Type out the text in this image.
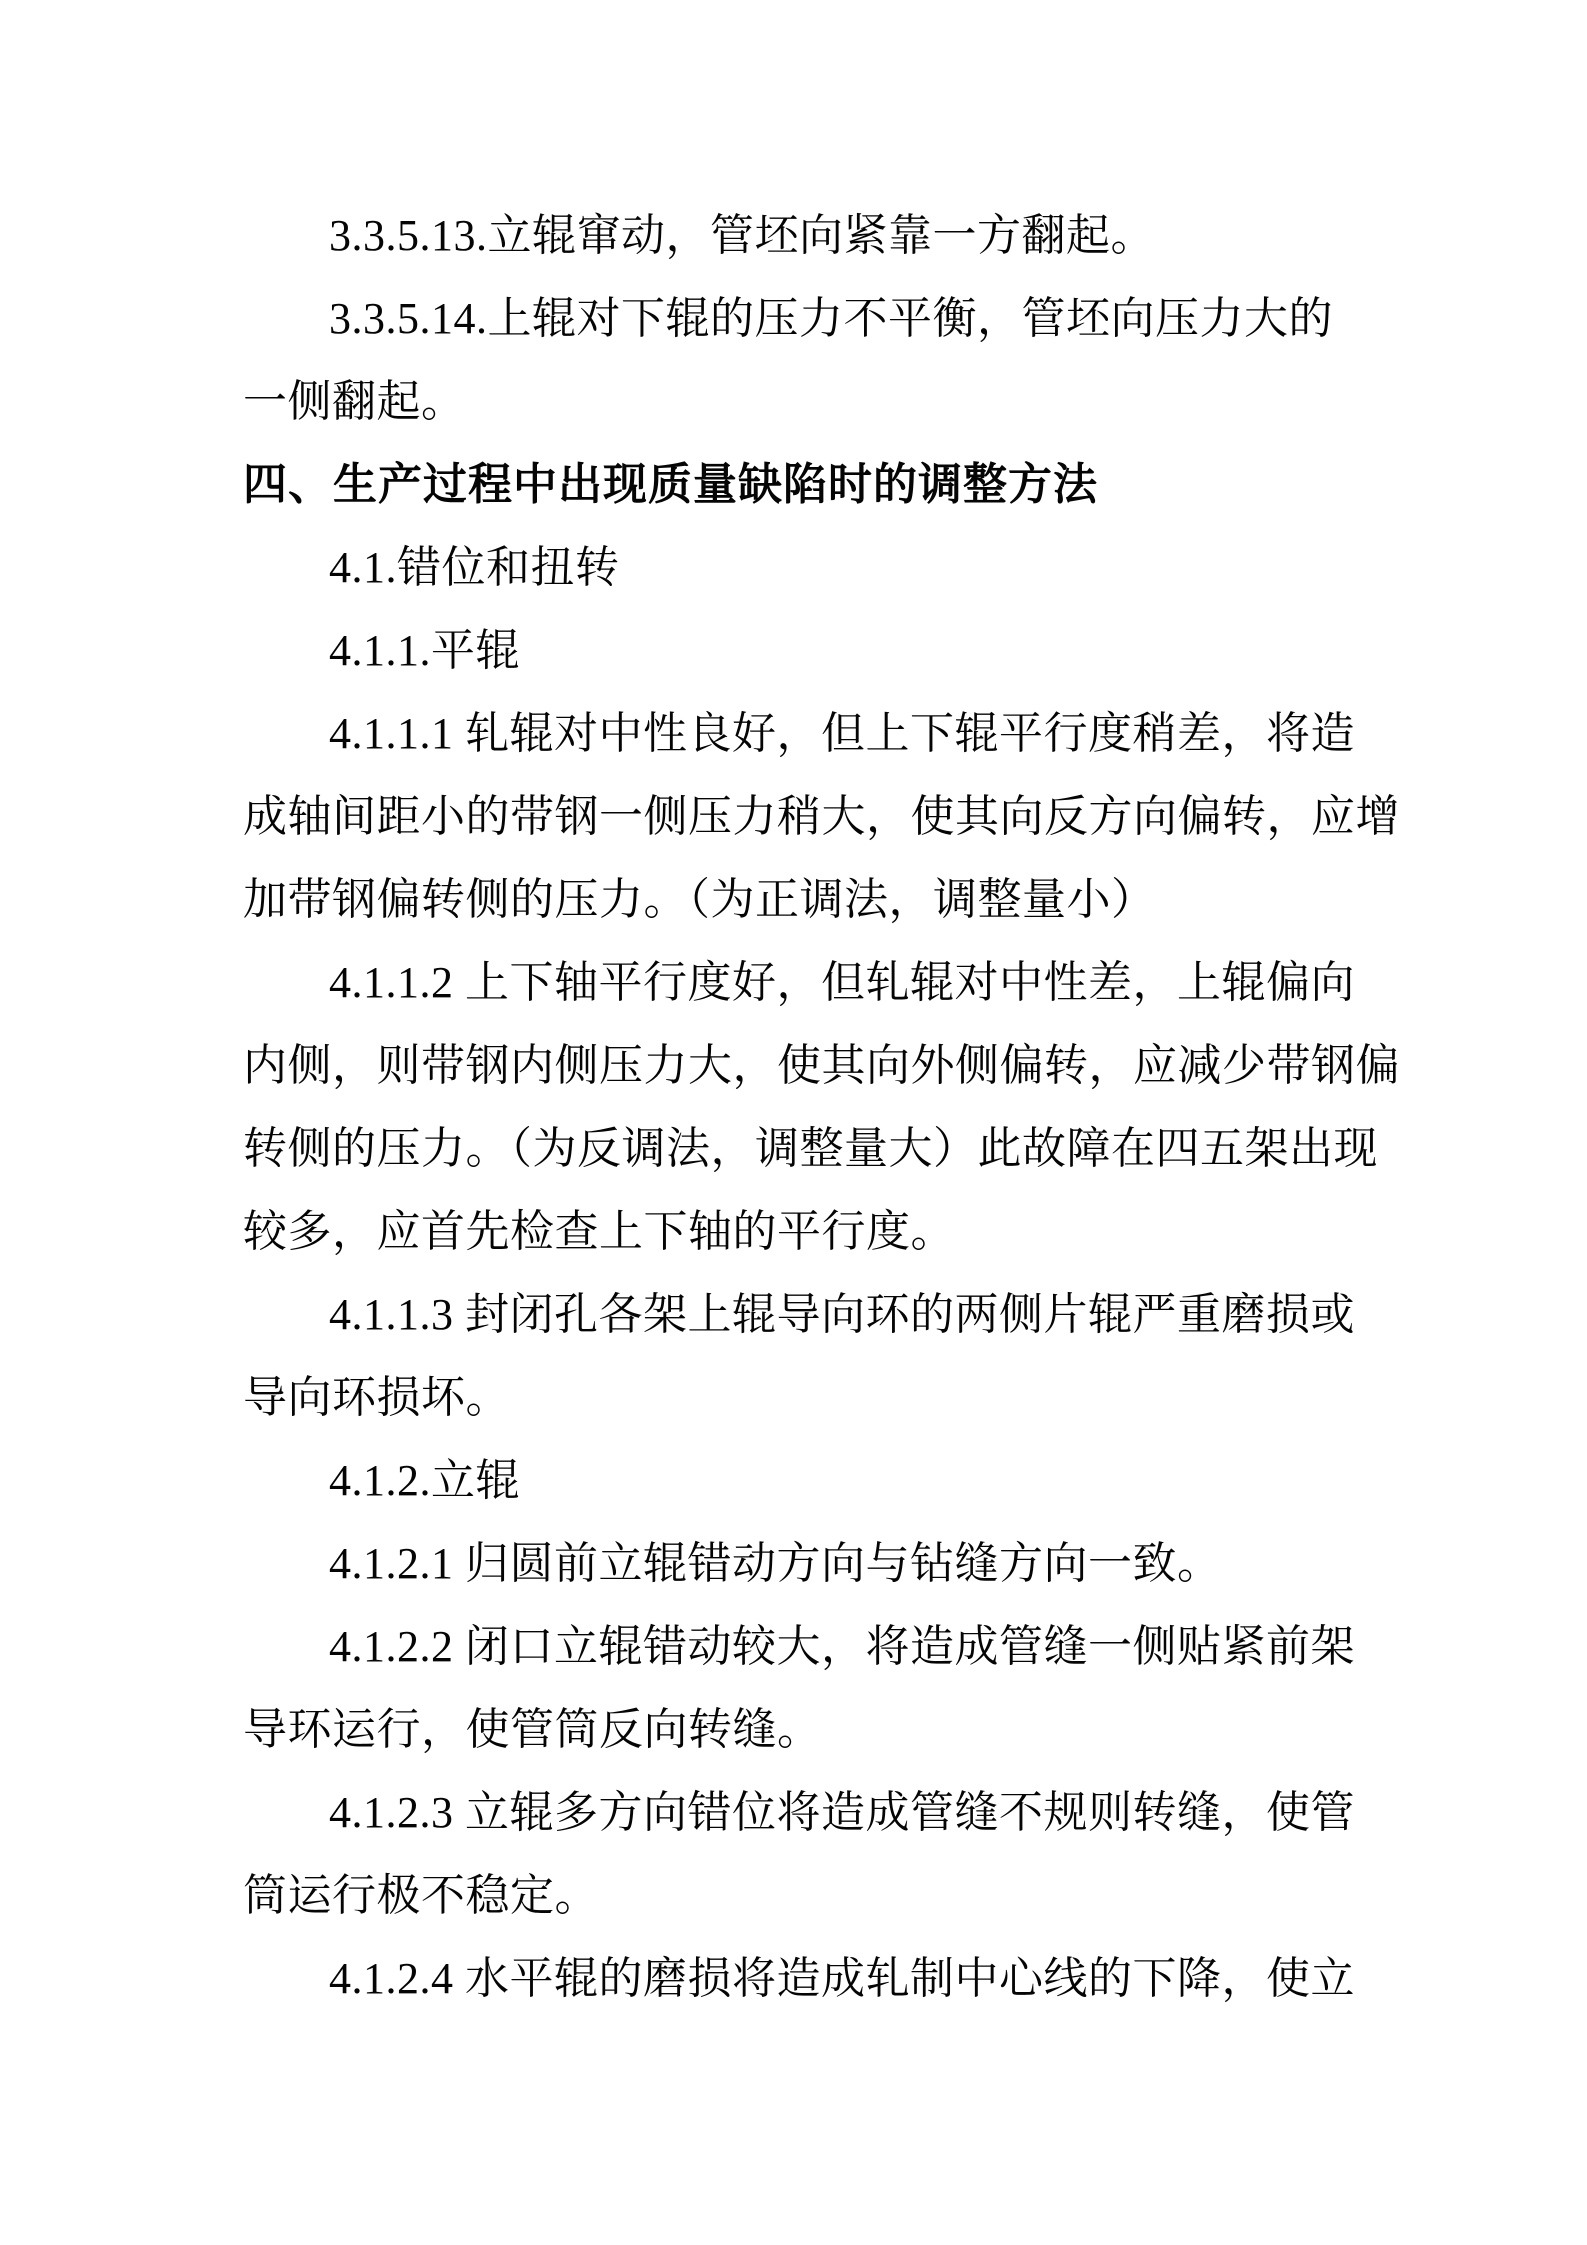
3.3.5.13.立辊窜动，管坯向紧靠一方翻起。
3.3.5.14.上辊对下辊的压力不平衡，管坯向压力大的
一侧翻起。
四、生产过程中出现质量缺陷时的调整方法
4.1.错位和扭转
4.1.1.平辊
4.1.1.1 轧辊对中性良好，但上下辊平行度稍差，将造
成轴间距小的带钢一侧压力稍大，使其向反方向偏转，应增
加带钢偏转侧的压力。（为正调法，调整量小）
4.1.1.2 上下轴平行度好，但轧辊对中性差，上辊偏向
内侧，则带钢内侧压力大，使其向外侧偏转，应减少带钢偏
转侧的压力。（为反调法，调整量大）此故障在四五架出现
较多，应首先检查上下轴的平行度。
4.1.1.3 封闭孔各架上辊导向环的两侧片辊严重磨损或
导向环损坏。
4.1.2.立辊
4.1.2.1 归圆前立辊错动方向与钻缝方向一致。
4.1.2.2 闭口立辊错动较大，将造成管缝一侧贴紧前架
导环运行，使管筒反向转缝。
4.1.2.3 立辊多方向错位将造成管缝不规则转缝，使管
筒运行极不稳定。
4.1.2.4 水平辊的磨损将造成轧制中心线的下降，使立
